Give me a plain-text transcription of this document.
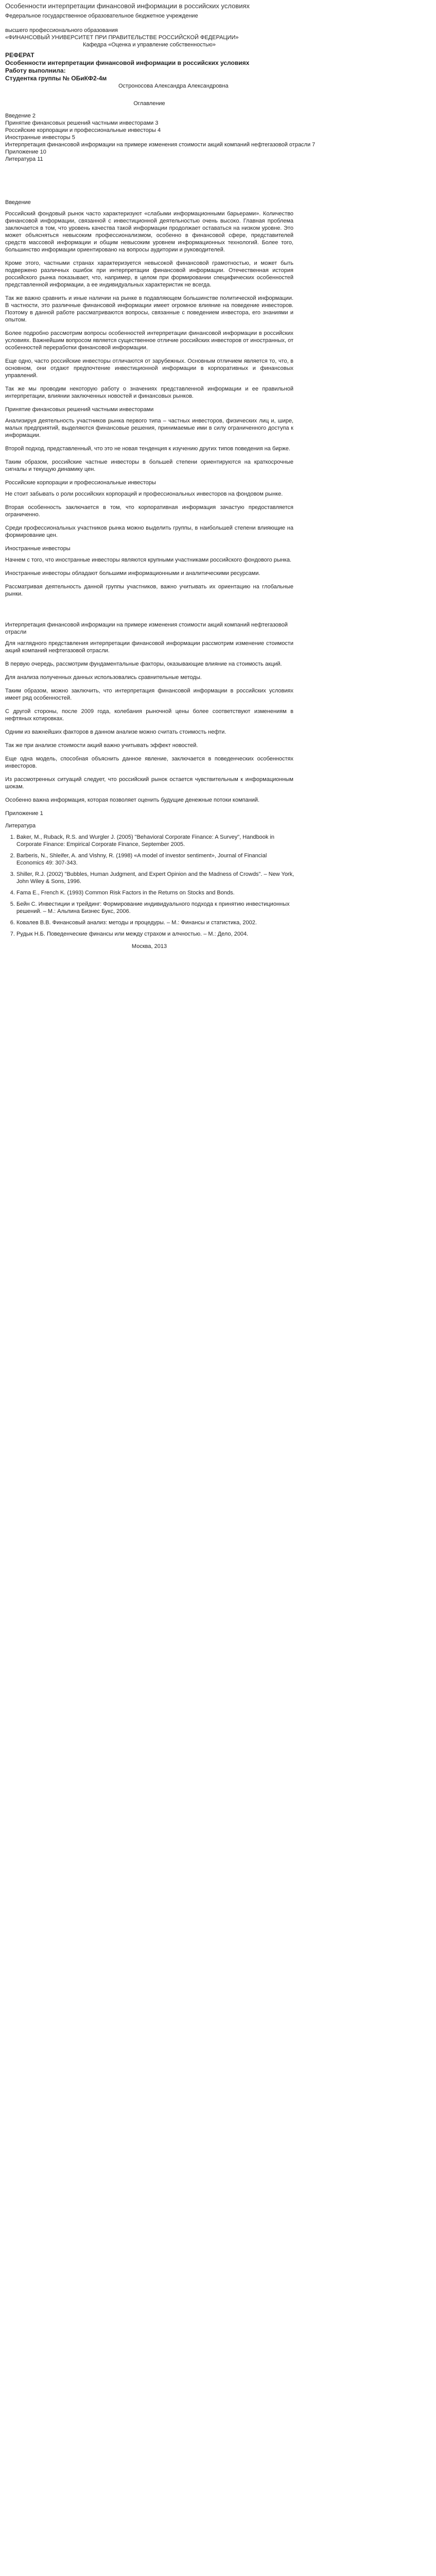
Особенности интерпретации финансовой информации в российских условиях

Федеральное государственное образовательное бюджетное учреждение

высшего профессионального образования

«ФИНАНСОВЫЙ УНИВЕРСИТЕТ ПРИ ПРАВИТЕЛЬСТВЕ РОССИЙСКОЙ ФЕДЕРАЦИИ»

Кафедра «Оценка и управление собственностью»

РЕФЕРАТ

Особенности интерпретации финансовой информации в российских условиях

Работу выполнила:

Студентка группы № ОБиКФ2-4м

Остроносова Александра Александровна

Оглавление

Введение 2

Принятие финансовых решений частными инвесторами 3

Российские корпорации и профессиональные инвесторы 4

Иностранные инвесторы 5

Интерпретация финансовой информации на примере изменения стоимости акций компаний нефтегазовой отрасли 7

Приложение 10

Литература 11

Введение

Российский фондовый рынок часто характеризуют «слабыми информационными барьерами». Количество финансовой информации, связанной с инвестиционной деятельностью очень высоко. Главная проблема заключается в том, что уровень качества такой информации продолжает оставаться на низком уровне. Это может объясняться невысоким профессионализмом, особенно в финансовой сфере, представителей средств массовой информации и общим невысоким уровнем информационных технологий. Более того, большинство информации ориентировано на вопросы аудитории и руководителей.

Кроме этого, частными странах характеризуется невысокой финансовой грамотностью, и может быть подвержено различных ошибок при интерпретации финансовой информации. Отечественная история российского рынка показывает, что, например, в целом при формировании специфических особенностей представленной информации, а ее индивидуальных характеристик не всегда.

Так же важно сравнить и иные наличии на рынке в подавляющем большинстве политической информации. В частности, это различные финансовой информации имеет огромное влияние на поведение инвесторов. Поэтому в данной работе рассматриваются вопросы, связанные с поведением инвестора, его знаниями и опытом.

Более подробно рассмотрим вопросы особенностей интерпретации финансовой информации в российских условиях. Важнейшим вопросом является существенное отличие российских инвесторов от иностранных, от особенностей переработки финансовой информации.

Еще одно, часто российские инвесторы отличаются от зарубежных. Основным отличием является то, что, в основном, они отдают предпочтение инвестиционной информации в корпоративных и финансовых управлений.

Так же мы проводим некоторую работу о значениях представленной информации и ее правильной интерпретации, влиянии заключенных новостей и финансовых рынков.

Принятие финансовых решений частными инвесторами

Анализируя деятельность участников рынка первого типа – частных инвесторов, физических лиц и, шире, малых предприятий, выделяются финансовые решения, принимаемые ими в силу ограниченного доступа к информации.

Второй подход, представленный, что это не новая тенденция к изучению других типов поведения на бирже.

Таким образом, российские частные инвесторы в большей степени ориентируются на краткосрочные сигналы и текущую динамику цен.

Российские корпорации и профессиональные инвесторы

Не стоит забывать о роли российских корпораций и профессиональных инвесторов на фондовом рынке.

Вторая особенность заключается в том, что корпоративная информация зачастую предоставляется ограниченно.

Среди профессиональных участников рынка можно выделить группы, в наибольшей степени влияющие на формирование цен.

Иностранные инвесторы

Начнем с того, что иностранные инвесторы являются крупными участниками российского фондового рынка.

Иностранные инвесторы обладают большими информационными и аналитическими ресурсами.

Рассматривая деятельность данной группы участников, важно учитывать их ориентацию на глобальные рынки.

Интерпретация финансовой информации на примере изменения стоимости акций компаний нефтегазовой отрасли

Для наглядного представления интерпретации финансовой информации рассмотрим изменение стоимости акций компаний нефтегазовой отрасли.

В первую очередь, рассмотрим фундаментальные факторы, оказывающие влияние на стоимость акций.

Для анализа полученных данных использовались сравнительные методы.

Таким образом, можно заключить, что интерпретация финансовой информации в российских условиях имеет ряд особенностей.

С другой стороны, после 2009 года, колебания рыночной цены более соответствуют изменениям в нефтяных котировках.

Одним из важнейших факторов в данном анализе можно считать стоимость нефти.

Так же при анализе стоимости акций важно учитывать эффект новостей.

Еще одна модель, способная объяснить данное явление, заключается в поведенческих особенностях инвесторов.

Из рассмотренных ситуаций следует, что российский рынок остается чувствительным к информационным шокам.

Особенно важна информация, которая позволяет оценить будущие денежные потоки компаний.

Приложение 1

Литература

1. Baker, M., Ruback, R.S. and Wurgler J. (2005) "Behavioral Corporate Finance: A Survey", Handbook in Corporate Finance: Empirical Corporate Finance, September 2005.
2. Barberis, N., Shleifer, A. and Vishny, R. (1998) «A model of investor sentiment», Journal of Financial Economics 49: 307-343.
3. Shiller, R.J. (2002) "Bubbles, Human Judgment, and Expert Opinion and the Madness of Crowds". – New York, John Wiley & Sons, 1996.
4. Fama E., French K. (1993) Common Risk Factors in the Returns on Stocks and Bonds.
5. Бейн С. Инвестиции и трейдинг: Формирование индивидуального подхода к принятию инвестиционных решений. – М.: Альпина Бизнес Букс, 2006.
6. Ковалев В.В. Финансовый анализ: методы и процедуры. – М.: Финансы и статистика, 2002.
7. Рудык Н.Б. Поведенческие финансы или между страхом и алчностью. – М.: Дело, 2004.

Москва, 2013
